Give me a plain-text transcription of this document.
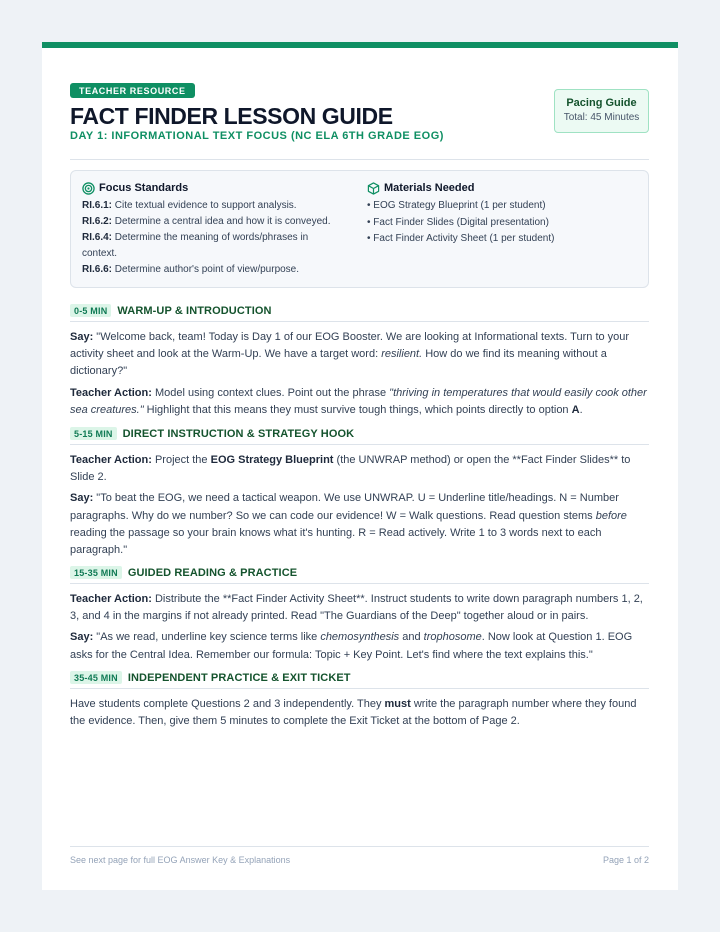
TEACHER RESOURCE
FACT FINDER LESSON GUIDE
DAY 1: INFORMATIONAL TEXT FOCUS (NC ELA 6TH GRADE EOG)
Pacing Guide
Total: 45 Minutes
Focus Standards
RI.6.1: Cite textual evidence to support analysis.
RI.6.2: Determine a central idea and how it is conveyed.
RI.6.4: Determine the meaning of words/phrases in context.
RI.6.6: Determine author's point of view/purpose.
Materials Needed
• EOG Strategy Blueprint (1 per student)
• Fact Finder Slides (Digital presentation)
• Fact Finder Activity Sheet (1 per student)
0-5 MIN WARM-UP & INTRODUCTION

Say: "Welcome back, team! Today is Day 1 of our EOG Booster. We are looking at Informational texts. Turn to your activity sheet and look at the Warm-Up. We have a target word: resilient. How do we find its meaning without a dictionary?"

Teacher Action: Model using context clues. Point out the phrase "thriving in temperatures that would easily cook other sea creatures." Highlight that this means they must survive tough things, which points directly to option A.

5-15 MIN DIRECT INSTRUCTION & STRATEGY HOOK

Teacher Action: Project the EOG Strategy Blueprint (the UNWRAP method) or open the **Fact Finder Slides** to Slide 2.

Say: "To beat the EOG, we need a tactical weapon. We use UNWRAP. U = Underline title/headings. N = Number paragraphs. Why do we number? So we can code our evidence! W = Walk questions. Read question stems before reading the passage so your brain knows what it's hunting. R = Read actively. Write 1 to 3 words next to each paragraph."

15-35 MIN GUIDED READING & PRACTICE

Teacher Action: Distribute the **Fact Finder Activity Sheet**. Instruct students to write down paragraph numbers 1, 2, 3, and 4 in the margins if not already printed. Read "The Guardians of the Deep" together aloud or in pairs.

Say: "As we read, underline key science terms like chemosynthesis and trophosome. Now look at Question 1. EOG asks for the Central Idea. Remember our formula: Topic + Key Point. Let's find where the text explains this."

35-45 MIN INDEPENDENT PRACTICE & EXIT TICKET

Have students complete Questions 2 and 3 independently. They must write the paragraph number where they found the evidence. Then, give them 5 minutes to complete the Exit Ticket at the bottom of Page 2.

See next page for full EOG Answer Key & Explanations	Page 1 of 2
